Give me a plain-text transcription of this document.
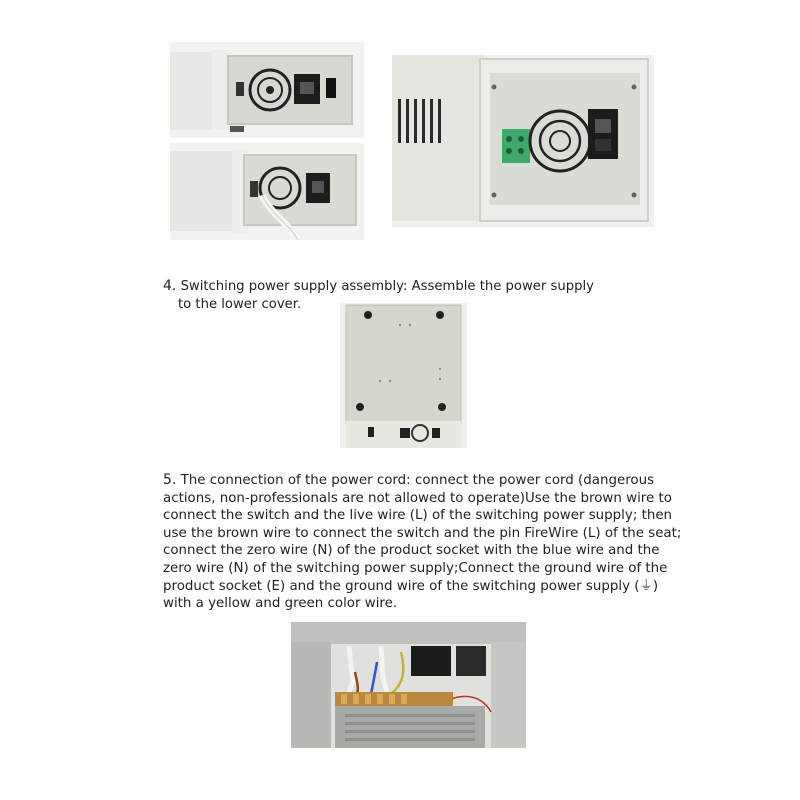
4. Switching power supply assembly: Assemble the power supply
to the lower cover.
5. The connection of the power cord: connect the power cord (dangerous actions, non-professionals are not allowed to operate)Use the brown wire to connect the switch and the live wire (L) of the switching power supply; then use the brown wire to connect the switch and the pin FireWire (L) of the seat; connect the zero wire (N) of the product socket with the blue wire and the zero wire (N) of the switching power supply;Connect the ground wire of the product socket (E) and the ground wire of the switching power supply (⏚) with a yellow and green color wire.
